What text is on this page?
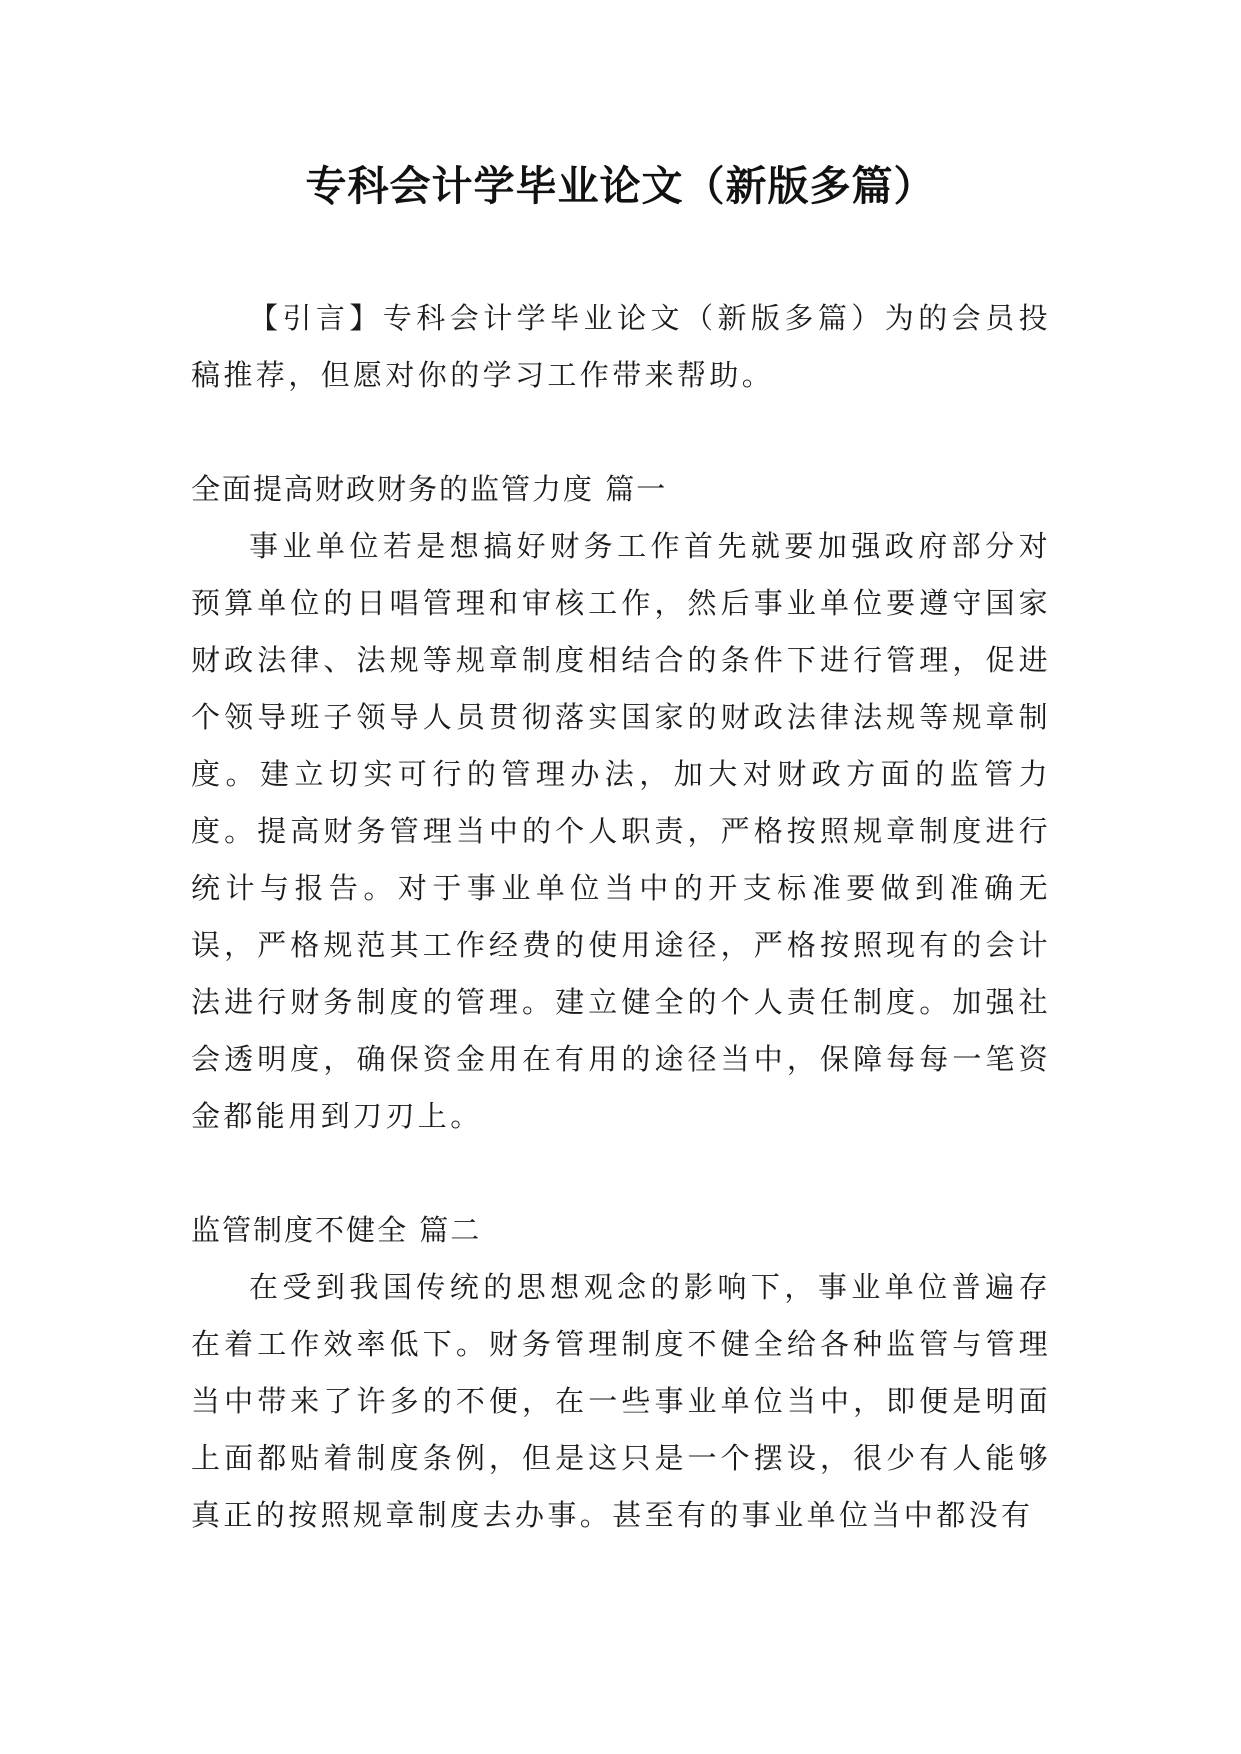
专科会计学毕业论文（新版多篇）

【引言】专科会计学毕业论文（新版多篇）为的会员投稿推荐，但愿对你的学习工作带来帮助。

全面提高财政财务的监管力度 篇一

事业单位若是想搞好财务工作首先就要加强政府部分对预算单位的日唱管理和审核工作，然后事业单位要遵守国家财政法律、法规等规章制度相结合的条件下进行管理，促进个领导班子领导人员贯彻落实国家的财政法律法规等规章制度。建立切实可行的管理办法，加大对财政方面的监管力度。提高财务管理当中的个人职责，严格按照规章制度进行统计与报告。对于事业单位当中的开支标准要做到准确无误，严格规范其工作经费的使用途径，严格按照现有的会计法进行财务制度的管理。建立健全的个人责任制度。加强社会透明度，确保资金用在有用的途径当中，保障每每一笔资金都能用到刀刃上。

监管制度不健全 篇二

在受到我国传统的思想观念的影响下，事业单位普遍存在着工作效率低下。财务管理制度不健全给各种监管与管理当中带来了许多的不便，在一些事业单位当中，即便是明面上面都贴着制度条例，但是这只是一个摆设，很少有人能够真正的按照规章制度去办事。甚至有的事业单位当中都没有
